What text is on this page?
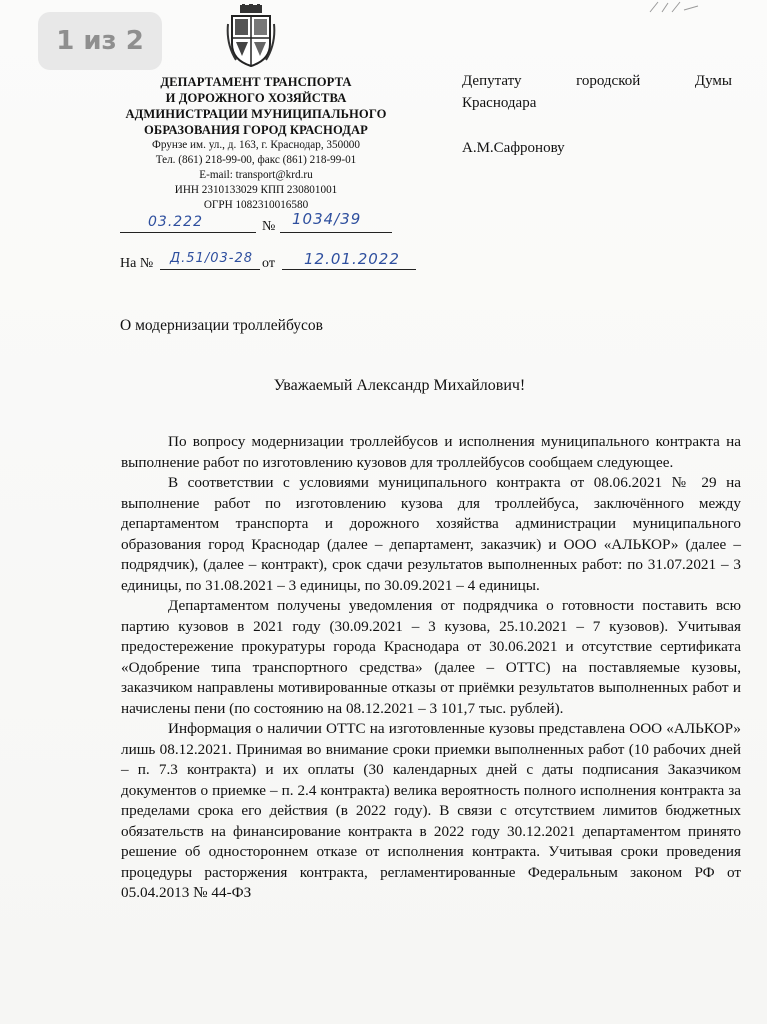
1 из 2
ДЕПАРТАМЕНТ ТРАНСПОРТА
И ДОРОЖНОГО ХОЗЯЙСТВА
АДМИНИСТРАЦИИ МУНИЦИПАЛЬНОГО
ОБРАЗОВАНИЯ ГОРОД КРАСНОДАР
Фрунзе им. ул., д. 163, г. Краснодар, 350000
Тел. (861) 218-99-00, факс (861) 218-99-01
E-mail: transport@krd.ru
ИНН 2310133029 КПП 230801001
ОГРН 1082310016580
03.222	№ 1034/39
На № Д.51/03-28 от 12.01.2022
Депутату	городской	Думы
Краснодара
А.М.Сафронову
О модернизации троллейбусов
Уважаемый Александр Михайлович!

По вопросу модернизации троллейбусов и исполнения муниципального контракта на выполнение работ по изготовлению кузовов для троллейбусов сообщаем следующее.

В соответствии с условиями муниципального контракта от 08.06.2021 № 29 на выполнение работ по изготовлению кузова для троллейбуса, заключённого между департаментом транспорта и дорожного хозяйства администрации муниципального образования город Краснодар (далее – департамент, заказчик) и ООО «АЛЬКОР» (далее – подрядчик), (далее – контракт), срок сдачи результатов выполненных работ: по 31.07.2021 – 3 единицы, по 31.08.2021 – 3 единицы, по 30.09.2021 – 4 единицы.

Департаментом получены уведомления от подрядчика о готовности поставить всю партию кузовов в 2021 году (30.09.2021 – 3 кузова, 25.10.2021 – 7 кузовов). Учитывая предостережение прокуратуры города Краснодара от 30.06.2021 и отсутствие сертификата «Одобрение типа транспортного средства» (далее – ОТТС) на поставляемые кузовы, заказчиком направлены мотивированные отказы от приёмки результатов выполненных работ и начислены пени (по состоянию на 08.12.2021 – 3 101,7 тыс. рублей).

Информация о наличии ОТТС на изготовленные кузовы представлена ООО «АЛЬКОР» лишь 08.12.2021. Принимая во внимание сроки приемки выполненных работ (10 рабочих дней – п. 7.3 контракта) и их оплаты (30 календарных дней с даты подписания Заказчиком документов о приемке – п. 2.4 контракта) велика вероятность полного исполнения контракта за пределами срока его действия (в 2022 году). В связи с отсутствием лимитов бюджетных обязательств на финансирование контракта в 2022 году 30.12.2021 департаментом принято решение об одностороннем отказе от исполнения контракта. Учитывая сроки проведения процедуры расторжения контракта, регламентированные Федеральным законом РФ от 05.04.2013 № 44-ФЗ
